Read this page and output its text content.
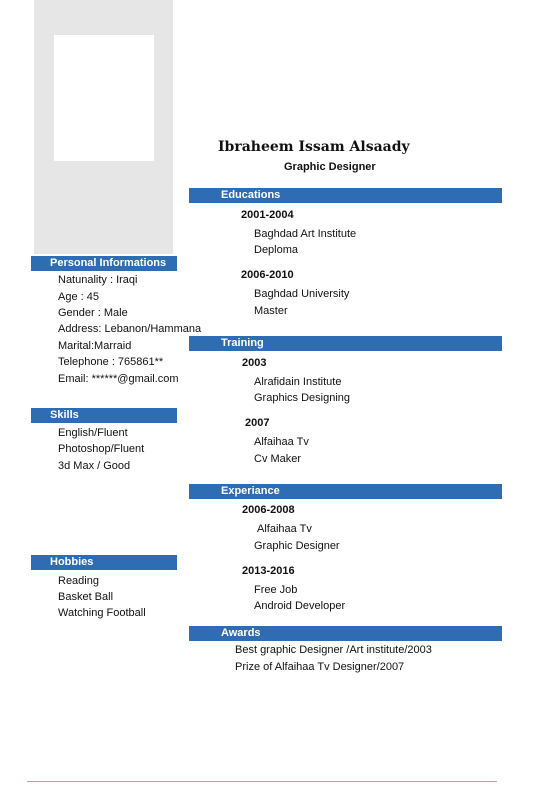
Ibraheem Issam Alsaady
Graphic Designer
Personal Informations
Natunality : Iraqi
Age : 45
Gender : Male
Address: Lebanon/Hammana
Marital:Marraid
Telephone : 765861**
Email: ******@gmail.com
Skills
English/Fluent
Photoshop/Fluent
3d Max / Good
Hobbies
Reading
Basket Ball
Watching Football
Educations
2001-2004
Baghdad Art Institute
Deploma
2006-2010
Baghdad University
Master
Training
2003
Alrafidain Institute
Graphics Designing
2007
Alfaihaa Tv
Cv Maker
Experiance
2006-2008
Alfaihaa Tv
Graphic Designer
2013-2016
Free Job
Android Developer
Awards
Best graphic Designer /Art institute/2003
Prize of Alfaihaa Tv Designer/2007
